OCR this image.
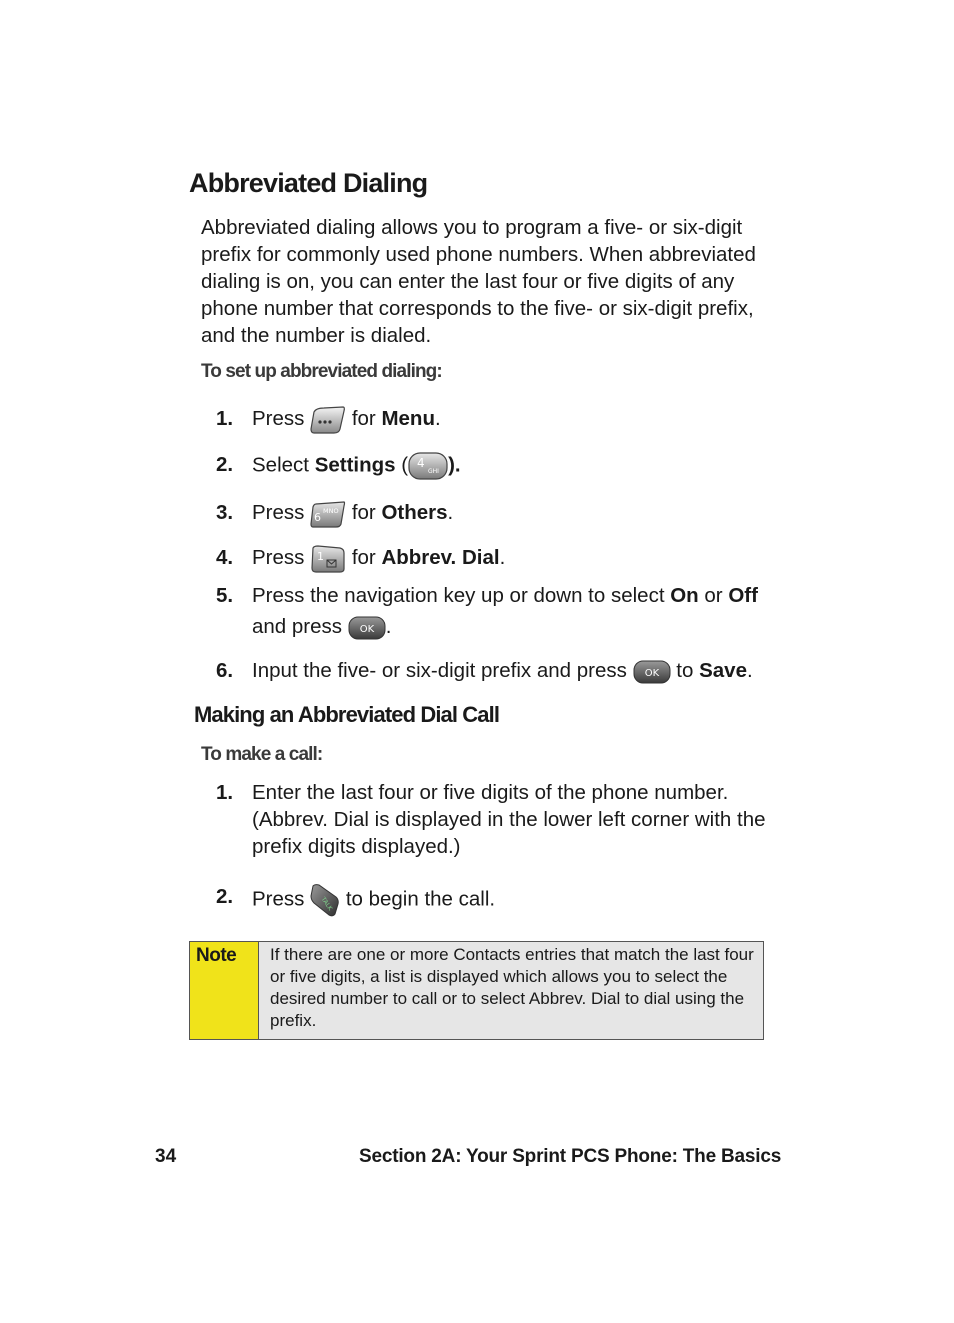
Abbreviated Dialing

Abbreviated dialing allows you to program a five- or six-digit prefix for commonly used phone numbers. When abbreviated dialing is on, you can enter the last four or five digits of any phone number that corresponds to the five- or six-digit prefix, and the number is dialed.

To set up abbreviated dialing:

1. Press for Menu.
2. Select Settings ( 4
GHI ).
3. Press 6 MNO for Others.
4. Press 1 for Abbrev. Dial.
5. Press the navigation key up or down to select On or Off
and press OK .
6. Input the five- or six-digit prefix and press OK to Save.
Making an Abbreviated Dial Call

To make a call:

1. Enter the last four or five digits of the phone number. (Abbrev. Dial is displayed in the lower left corner with the prefix digits displayed.)
2. Press	TALK to begin the call.
Note If there are one or more Contacts entries that match the last four or five digits, a list is displayed which allows you to select the desired number to call or to select Abbrev. Dial to dial using the prefix.
34	Section 2A: Your Sprint PCS Phone: The Basics
